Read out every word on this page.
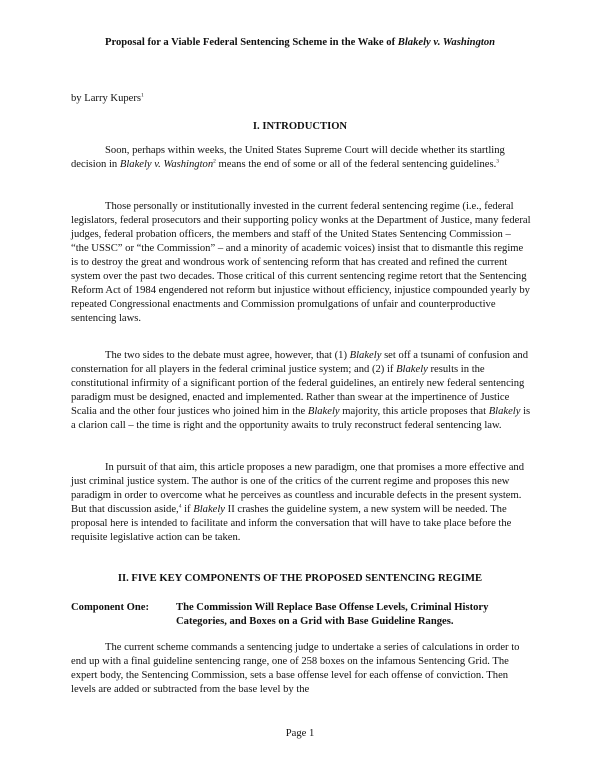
Proposal for a Viable Federal Sentencing Scheme in the Wake of Blakely v. Washington
by Larry Kupers$^1$
I. INTRODUCTION

Soon, perhaps within weeks, the United States Supreme Court will decide whether its startling decision in Blakely v. Washington$^2$ means the end of some or all of the federal sentencing guidelines.$^3$

Those personally or institutionally invested in the current federal sentencing regime (i.e., federal legislators, federal prosecutors and their supporting policy wonks at the Department of Justice, many federal judges, federal probation officers, the members and staff of the United States Sentencing Commission – “the USSC” or “the Commission” – and a minority of academic voices) insist that to dismantle this regime is to destroy the great and wondrous work of sentencing reform that has created and refined the current system over the past two decades. Those critical of this current sentencing regime retort that the Sentencing Reform Act of 1984 engendered not reform but injustice without efficiency, injustice compounded yearly by repeated Congressional enactments and Commission promulgations of unfair and counterproductive sentencing laws.

The two sides to the debate must agree, however, that (1) Blakely set off a tsunami of confusion and consternation for all players in the federal criminal justice system; and (2) if Blakely results in the constitutional infirmity of a significant portion of the federal guidelines, an entirely new federal sentencing paradigm must be designed, enacted and implemented. Rather than swear at the impertinence of Justice Scalia and the other four justices who joined him in the Blakely majority, this article proposes that Blakely is a clarion call – the time is right and the opportunity awaits to truly reconstruct federal sentencing law.

In pursuit of that aim, this article proposes a new paradigm, one that promises a more effective and just criminal justice system. The author is one of the critics of the current regime and proposes this new paradigm in order to overcome what he perceives as countless and incurable defects in the present system. But that discussion aside,$^4$ if Blakely II crashes the guideline system, a new system will be needed. The proposal here is intended to facilitate and inform the conversation that will have to take place before the requisite legislative action can be taken.

II. FIVE KEY COMPONENTS OF THE PROPOSED SENTENCING REGIME
Component One:	The Commission Will Replace Base Offense Levels, Criminal History Categories, and Boxes on a Grid with Base Guideline Ranges.

The current scheme commands a sentencing judge to undertake a series of calculations in order to end up with a final guideline sentencing range, one of 258 boxes on the infamous Sentencing Grid. The expert body, the Sentencing Commission, sets a base offense level for each offense of conviction. Then levels are added or subtracted from the base level by the

Page 1
